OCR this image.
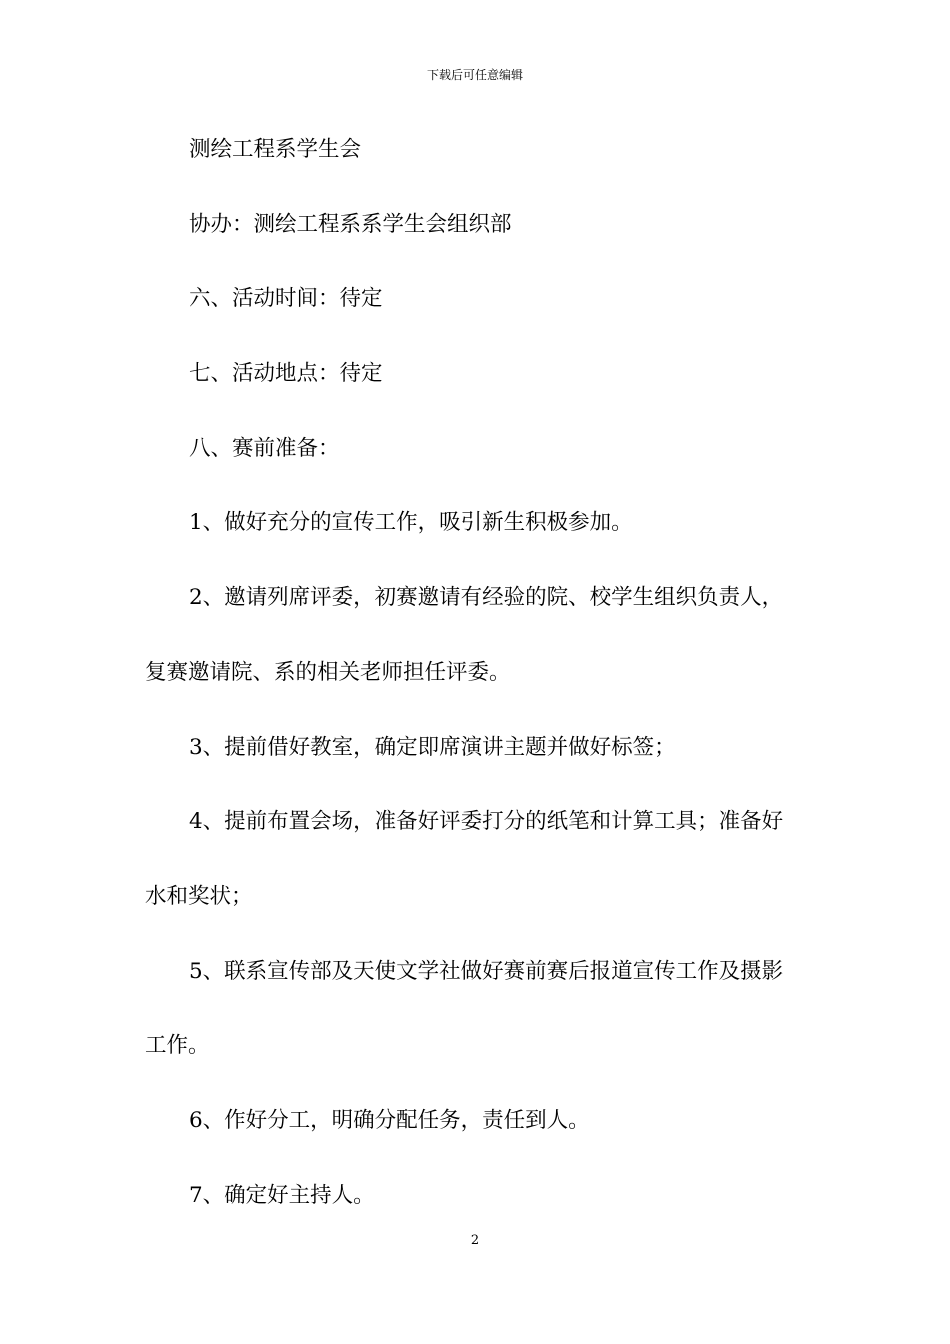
下载后可任意编辑
测绘工程系学生会
协办：测绘工程系系学生会组织部
六、活动时间：待定
七、活动地点：待定
八、赛前准备：
1、做好充分的宣传工作，吸引新生积极参加。
2、邀请列席评委，初赛邀请有经验的院、校学生组织负责人，
复赛邀请院、系的相关老师担任评委。
3、提前借好教室，确定即席演讲主题并做好标签；
4、提前布置会场，准备好评委打分的纸笔和计算工具；准备好
水和奖状；
5、联系宣传部及天使文学社做好赛前赛后报道宣传工作及摄影
工作。
6、作好分工，明确分配任务，责任到人。
7、确定好主持人。
2
